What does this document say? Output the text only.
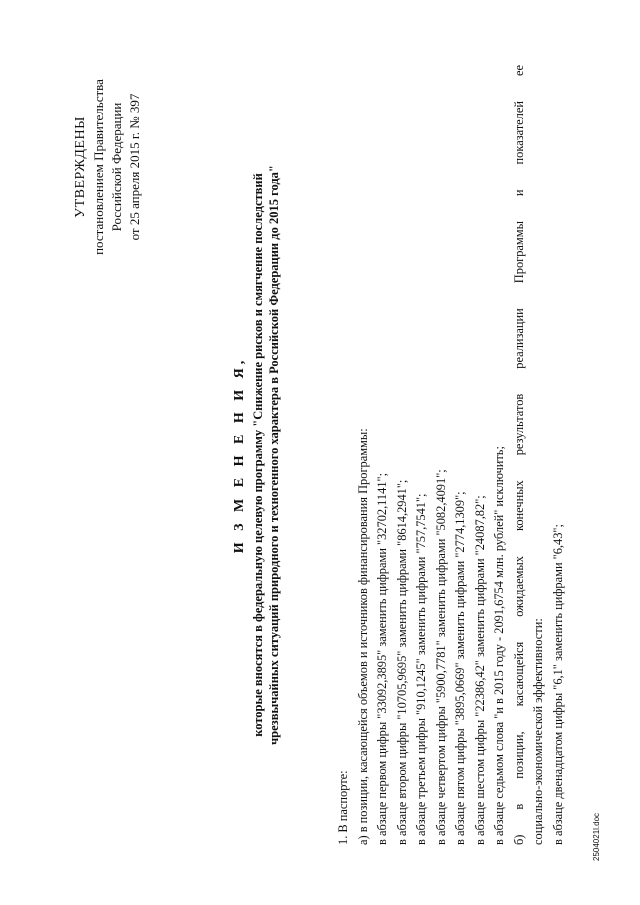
УТВЕРЖДЕНЫ постановлением Правительства Российской Федерации от 25 апреля 2015 г. № 397
И З М Е Н Е Н И Я, которые вносятся в федеральную целевую программу "Снижение рисков и смягчение последствий чрезвычайных ситуаций природного и техногенного характера в Российской Федерации до 2015 года"
1. В паспорте: а) в позиции, касающейся объемов и источников финансирования Программы: в абзаце первом цифры "33092,3895" заменить цифрами "32702,1141"; в абзаце втором цифры "10705,9695" заменить цифрами "8614,2941"; в абзаце третьем цифры "910,1245" заменить цифрами "757,7541"; в абзаце четвертом цифры "5900,7781" заменить цифрами "5082,4091"; в абзаце пятом цифры "3895,0669" заменить цифрами "2774,1309"; в абзаце шестом цифры "22386,42" заменить цифрами "24087,82"; в абзаце седьмом слова "и в 2015 году - 2091,6754 млн. рублей" исключить; б) в позиции, касающейся ожидаемых конечных результатов реализации Программы и показателей ее социально-экономической эффективности: в абзаце двенадцатом цифры "6,1" заменить цифрами "6,43";	2504021l.doc
